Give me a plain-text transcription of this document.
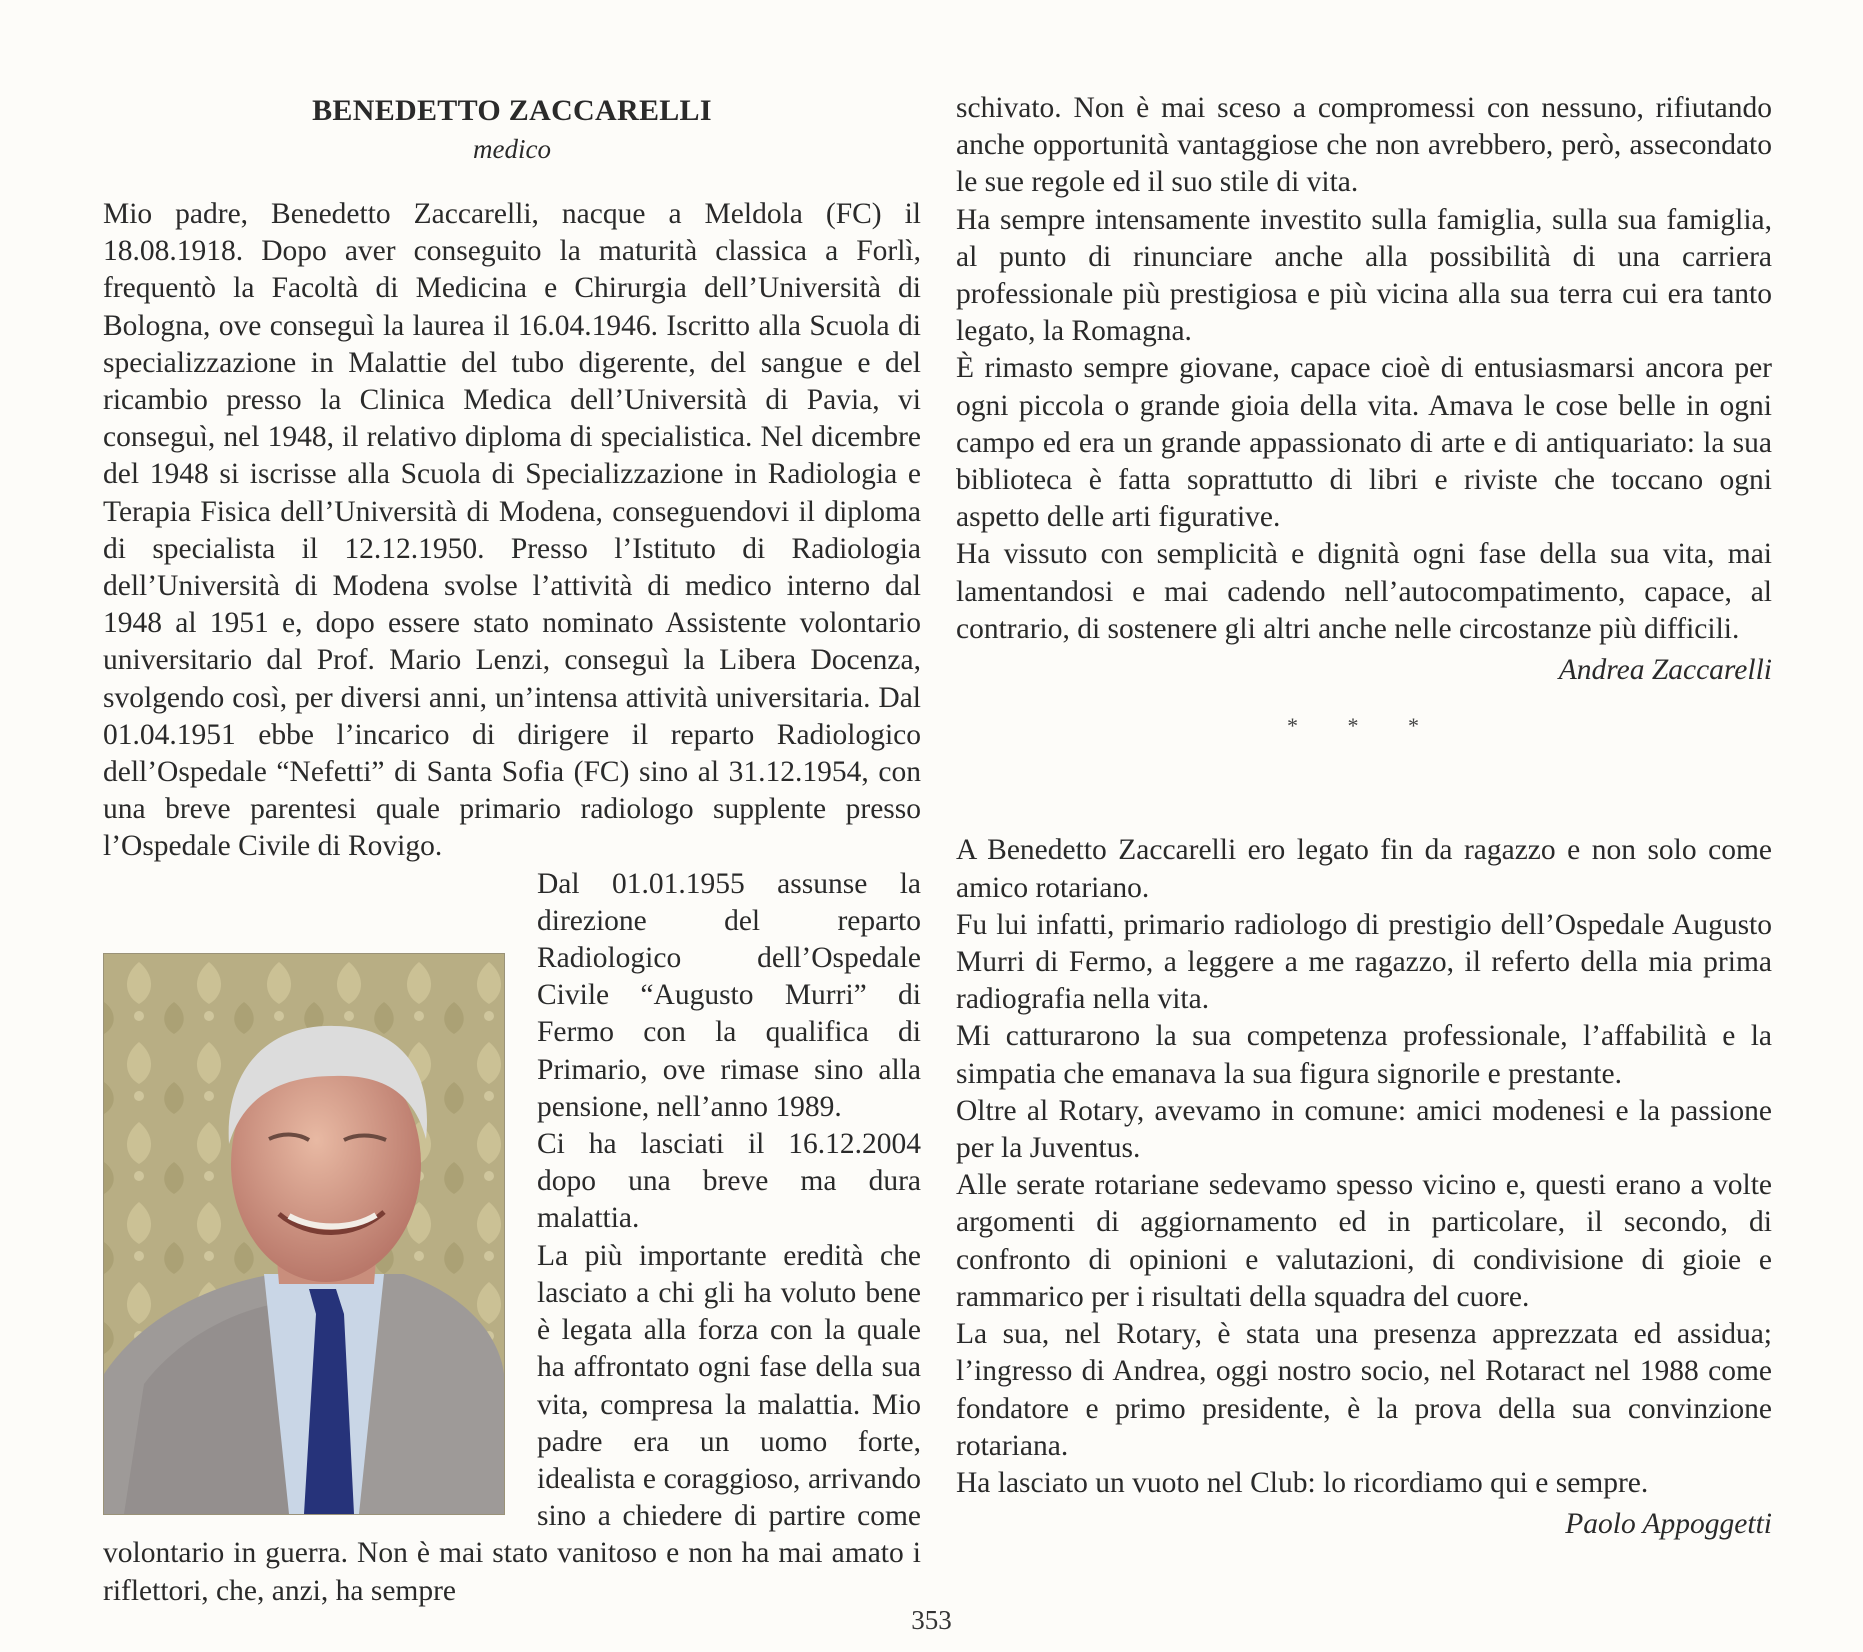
BENEDETTO ZACCARELLI
medico

Mio padre, Benedetto Zaccarelli, nacque a Meldola (FC) il 18.08.1918. Dopo aver conseguito la maturità classica a Forlì, frequentò la Facoltà di Medicina e Chirurgia dell’Università di Bologna, ove conseguì la laurea il 16.04.1946. Iscritto alla Scuola di specializzazione in Malattie del tubo digerente, del sangue e del ricambio presso la Clinica Medica dell’Università di Pavia, vi conseguì, nel 1948, il relativo diploma di specialistica. Nel dicembre del 1948 si iscrisse alla Scuola di Specializzazione in Radiologia e Terapia Fisica dell’Università di Modena, conseguendovi il diploma di specialista il 12.12.1950. Presso l’Istituto di Radiologia dell’Università di Modena svolse l’attività di medico interno dal 1948 al 1951 e, dopo essere stato nominato Assistente volontario universitario dal Prof. Mario Lenzi, conseguì la Libera Docenza, svolgendo così, per diversi anni, un’intensa attività universitaria. Dal 01.04.1951 ebbe l’incarico di dirigere il reparto Radiologico dell’Ospedale “Nefetti” di Santa Sofia (FC) sino al 31.12.1954, con una breve parentesi quale primario radiologo supplente presso l’Ospedale Civile di Rovigo.

Dal 01.01.1955 assunse la direzione del reparto Radiologico dell’Ospedale Civile “Augusto Murri” di Fermo con la qualifica di Primario, ove rimase sino alla pensione, nell’anno 1989.

Ci ha lasciati il 16.12.2004 dopo una breve ma dura malattia.

La più importante eredità che lasciato a chi gli ha voluto bene è legata alla forza con la quale ha affrontato ogni fase della sua vita, compresa la malattia. Mio padre era un uomo forte, idealista e coraggioso, arrivando sino a chiedere di partire come volontario in guerra. Non è mai stato vanitoso e non ha mai amato i riflettori, che, anzi, ha sempre

schivato. Non è mai sceso a compromessi con nessuno, rifiutando anche opportunità vantaggiose che non avrebbero, però, assecondato le sue regole ed il suo stile di vita.

Ha sempre intensamente investito sulla famiglia, sulla sua famiglia, al punto di rinunciare anche alla possibilità di una carriera professionale più prestigiosa e più vicina alla sua terra cui era tanto legato, la Romagna.

È rimasto sempre giovane, capace cioè di entusiasmarsi ancora per ogni piccola o grande gioia della vita. Amava le cose belle in ogni campo ed era un grande appassionato di arte e di antiquariato: la sua biblioteca è fatta soprattutto di libri e riviste che toccano ogni aspetto delle arti figurative.

Ha vissuto con semplicità e dignità ogni fase della sua vita, mai lamentandosi e mai cadendo nell’autocompatimento, capace, al contrario, di sostenere gli altri anche nelle circostanze più difficili.

Andrea Zaccarelli
* * *

A Benedetto Zaccarelli ero legato fin da ragazzo e non solo come amico rotariano.

Fu lui infatti, primario radiologo di prestigio dell’Ospedale Augusto Murri di Fermo, a leggere a me ragazzo, il referto della mia prima radiografia nella vita.

Mi catturarono la sua competenza professionale, l’affabilità e la simpatia che emanava la sua figura signorile e prestante.

Oltre al Rotary, avevamo in comune: amici modenesi e la passione per la Juventus.

Alle serate rotariane sedevamo spesso vicino e, questi erano a volte argomenti di aggiornamento ed in particolare, il secondo, di confronto di opinioni e valutazioni, di condivisione di gioie e rammarico per i risultati della squadra del cuore.

La sua, nel Rotary, è stata una presenza apprezzata ed assidua; l’ingresso di Andrea, oggi nostro socio, nel Rotaract nel 1988 come fondatore e primo presidente, è la prova della sua convinzione rotariana.

Ha lasciato un vuoto nel Club: lo ricordiamo qui e sempre.

Paolo Appoggetti
353
